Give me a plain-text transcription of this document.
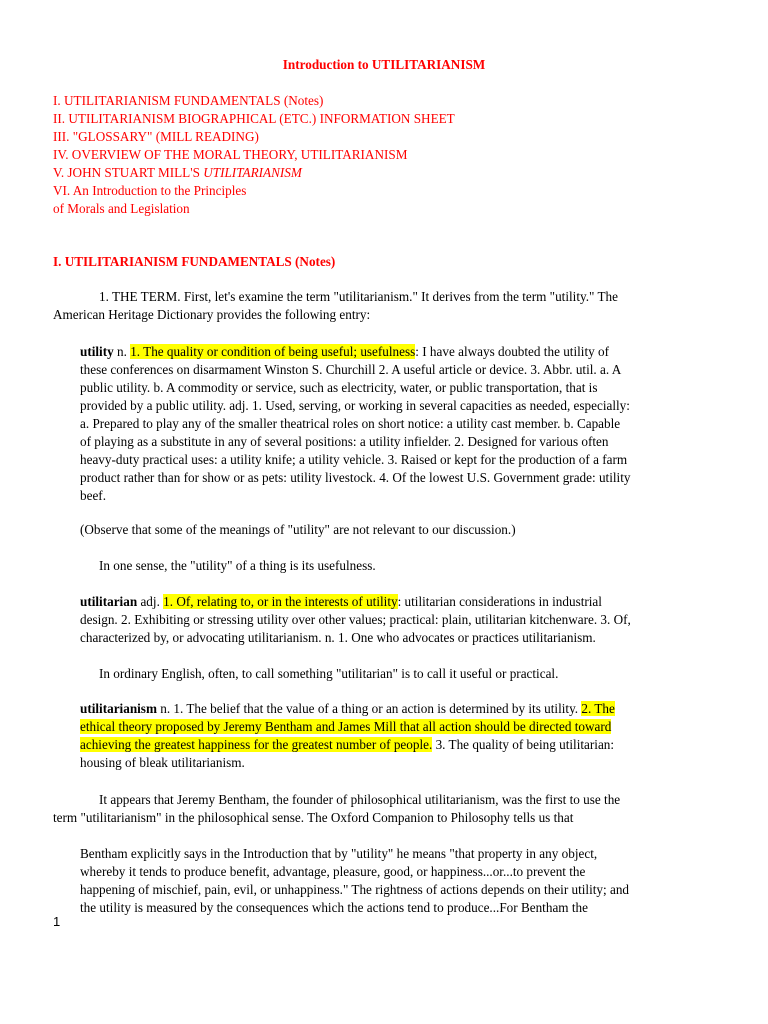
Introduction to UTILITARIANISM
I. UTILITARIANISM FUNDAMENTALS (Notes)
II. UTILITARIANISM BIOGRAPHICAL (ETC.) INFORMATION SHEET
III. "GLOSSARY" (MILL READING)
IV. OVERVIEW OF THE MORAL THEORY, UTILITARIANISM
V. JOHN STUART MILL'S UTILITARIANISM
VI. An Introduction to the Principles
of Morals and Legislation
I. UTILITARIANISM FUNDAMENTALS (Notes)
1. THE TERM. First, let's examine the term "utilitarianism." It derives from the term "utility." The
American Heritage Dictionary provides the following entry:
utility n. 1. The quality or condition of being useful; usefulness: I have always doubted the utility of
these conferences on disarmament Winston S. Churchill 2. A useful article or device. 3. Abbr. util. a. A
public utility. b. A commodity or service, such as electricity, water, or public transportation, that is
provided by a public utility. adj. 1. Used, serving, or working in several capacities as needed, especially:
a. Prepared to play any of the smaller theatrical roles on short notice: a utility cast member. b. Capable
of playing as a substitute in any of several positions: a utility infielder. 2. Designed for various often
heavy-duty practical uses: a utility knife; a utility vehicle. 3. Raised or kept for the production of a farm
product rather than for show or as pets: utility livestock. 4. Of the lowest U.S. Government grade: utility
beef.
(Observe that some of the meanings of "utility" are not relevant to our discussion.)
In one sense, the "utility" of a thing is its usefulness.
utilitarian adj. 1. Of, relating to, or in the interests of utility: utilitarian considerations in industrial
design. 2. Exhibiting or stressing utility over other values; practical: plain, utilitarian kitchenware. 3. Of,
characterized by, or advocating utilitarianism. n. 1. One who advocates or practices utilitarianism.
In ordinary English, often, to call something "utilitarian" is to call it useful or practical.
utilitarianism n. 1. The belief that the value of a thing or an action is determined by its utility. 2. The
ethical theory proposed by Jeremy Bentham and James Mill that all action should be directed toward
achieving the greatest happiness for the greatest number of people. 3. The quality of being utilitarian:
housing of bleak utilitarianism.
It appears that Jeremy Bentham, the founder of philosophical utilitarianism, was the first to use the
term "utilitarianism" in the philosophical sense. The Oxford Companion to Philosophy tells us that
Bentham explicitly says in the Introduction that by "utility" he means "that property in any object,
whereby it tends to produce benefit, advantage, pleasure, good, or happiness...or...to prevent the
happening of mischief, pain, evil, or unhappiness." The rightness of actions depends on their utility; and
the utility is measured by the consequences which the actions tend to produce...For Bentham the
1
